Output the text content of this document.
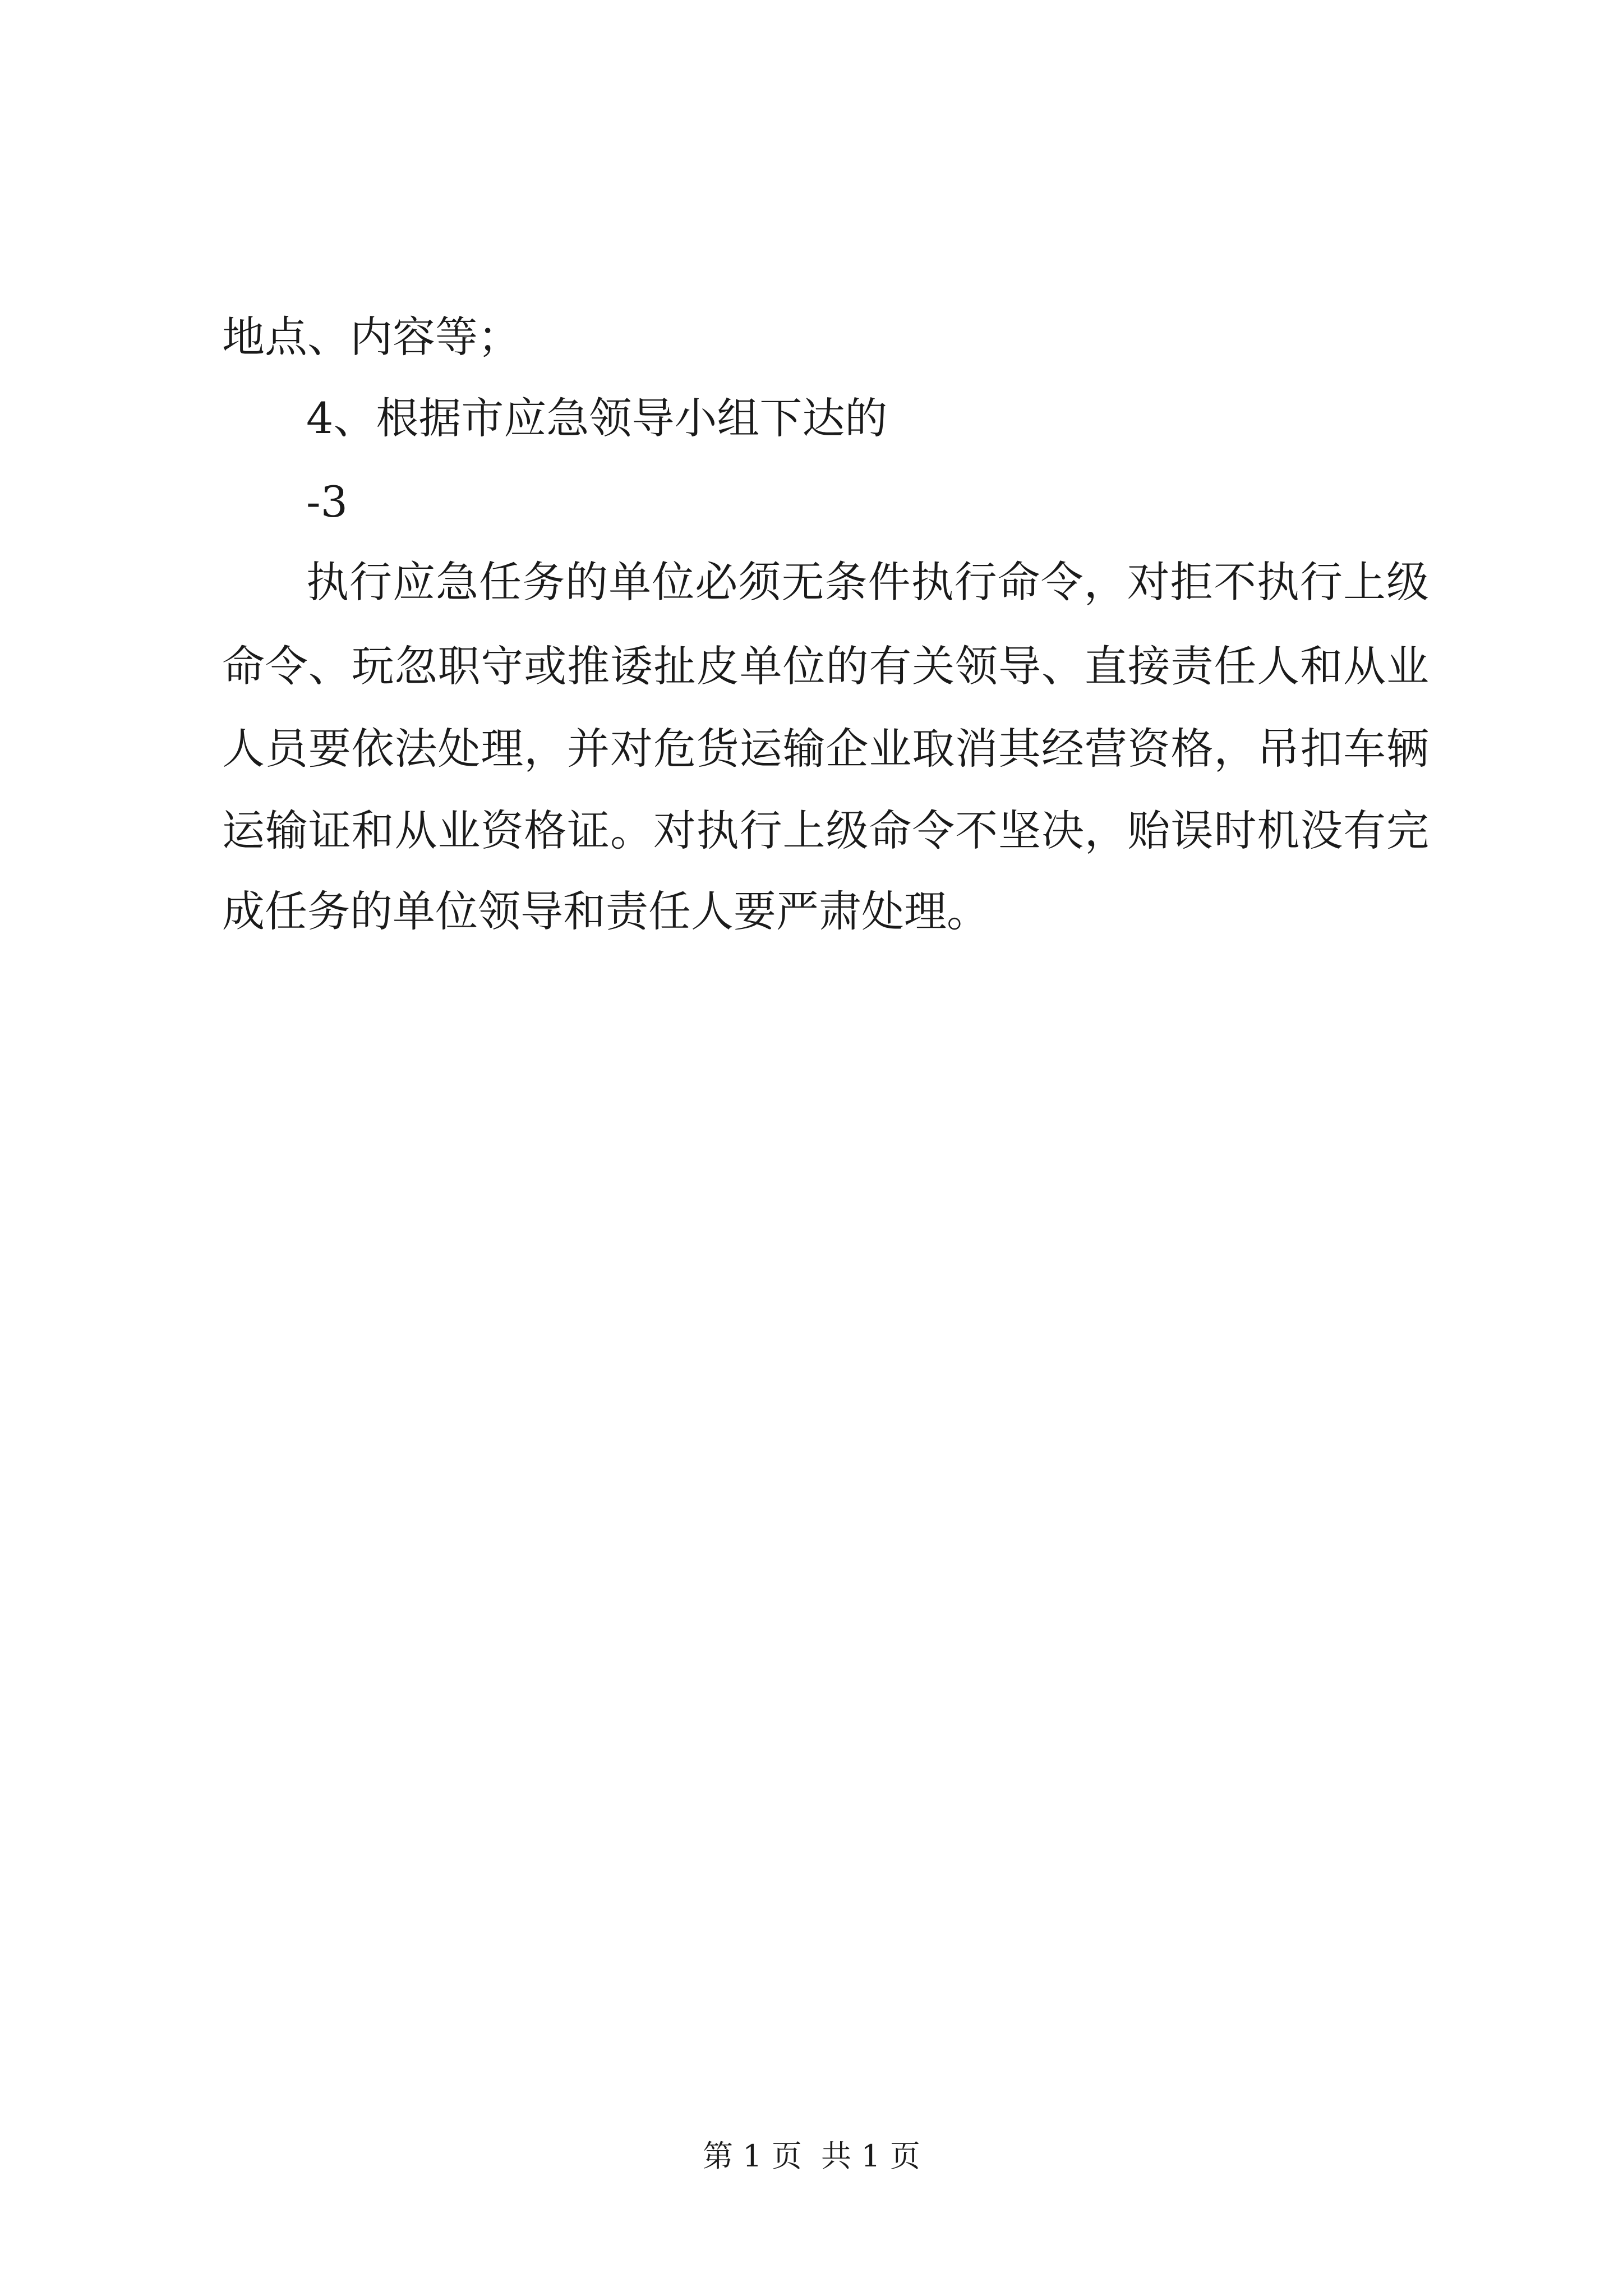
地点、内容等；

4、根据市应急领导小组下达的

-3

执行应急任务的单位必须无条件执行命令，对拒不执行上级

命令、玩忽职守或推诿扯皮单位的有关领导、直接责任人和从业

人员要依法处理，并对危货运输企业取消其经营资格，吊扣车辆

运输证和从业资格证。对执行上级命令不坚决，贻误时机没有完

成任务的单位领导和责任人要严肃处理。

第 1 页  共 1 页
